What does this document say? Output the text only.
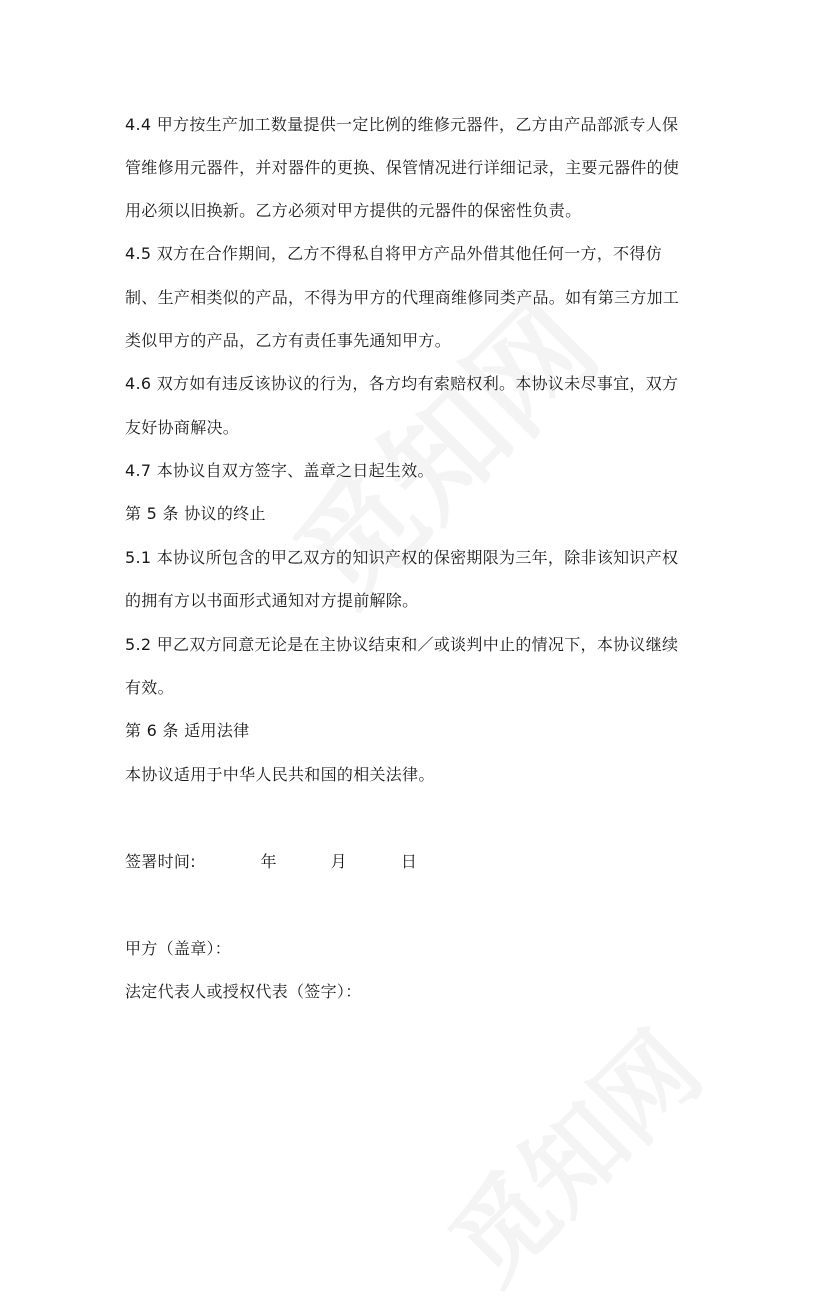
4.4 甲方按生产加工数量提供一定比例的维修元器件，乙方由产品部派专人保
管维修用元器件，并对器件的更换、保管情况进行详细记录，主要元器件的使
用必须以旧换新。乙方必须对甲方提供的元器件的保密性负责。
4.5 双方在合作期间，乙方不得私自将甲方产品外借其他任何一方，不得仿
制、生产相类似的产品，不得为甲方的代理商维修同类产品。如有第三方加工
类似甲方的产品，乙方有责任事先通知甲方。
4.6 双方如有违反该协议的行为，各方均有索赔权利。本协议未尽事宜，双方
友好协商解决。
4.7 本协议自双方签字、盖章之日起生效。
第 5 条 协议的终止
5.1 本协议所包含的甲乙双方的知识产权的保密期限为三年，除非该知识产权
的拥有方以书面形式通知对方提前解除。
5.2 甲乙双方同意无论是在主协议结束和／或谈判中止的情况下，本协议继续
有效。
第 6 条 适用法律
本协议适用于中华人民共和国的相关法律。
签署时间:            年          月          日
甲方（盖章）：
法定代表人或授权代表（签字）：
